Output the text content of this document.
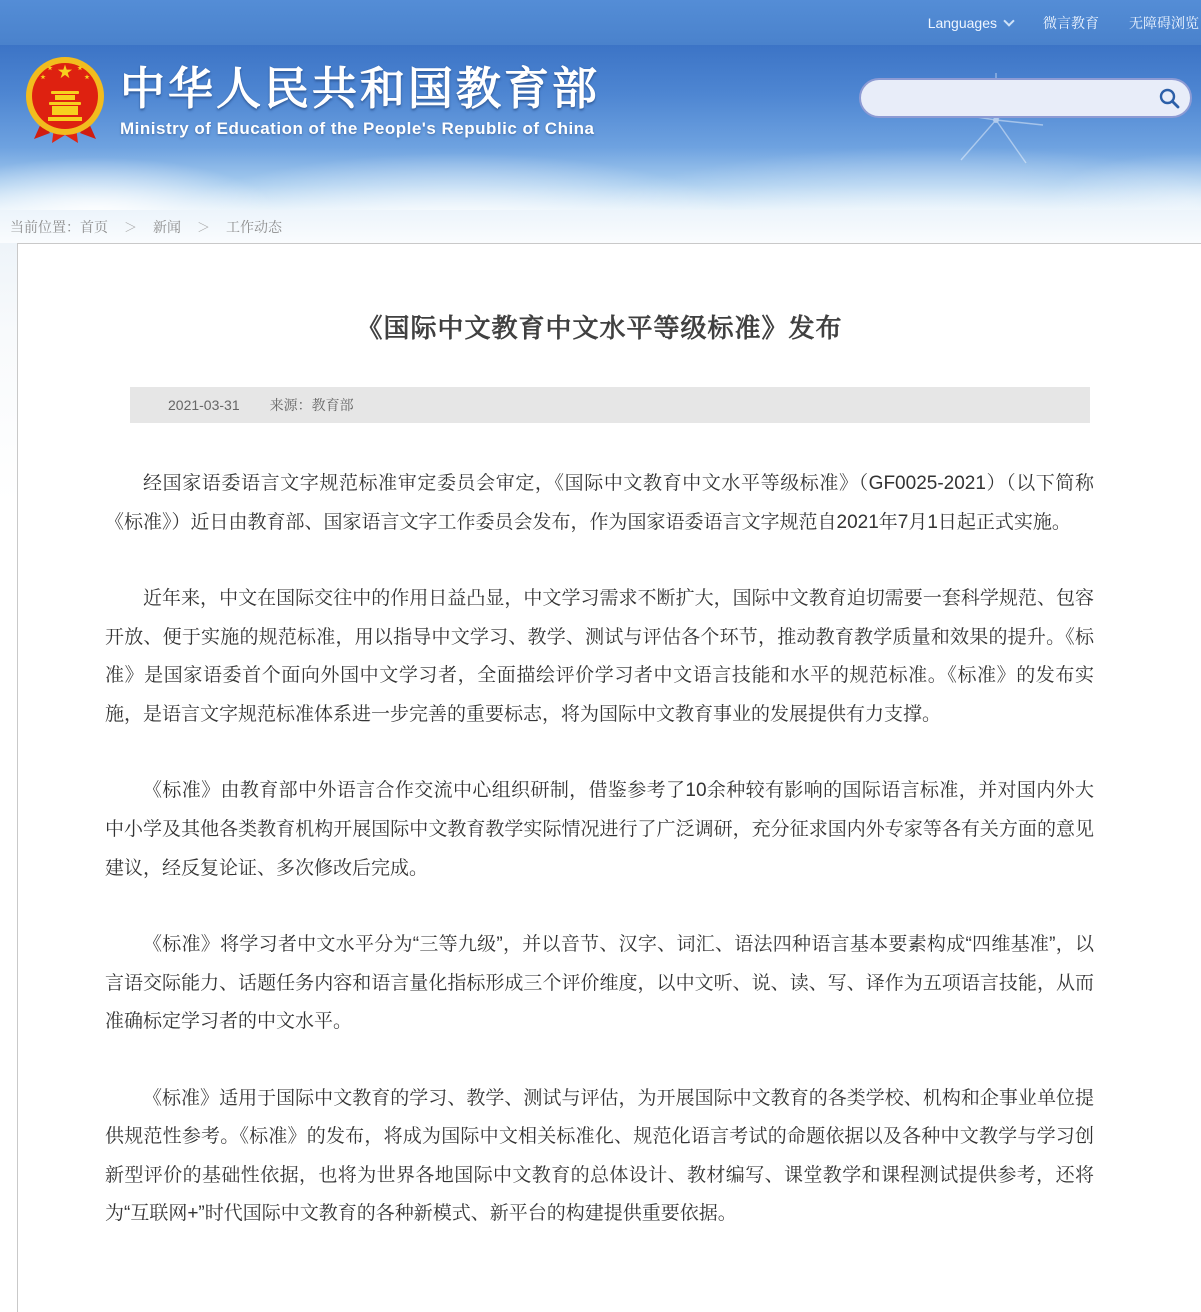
Languages	微言教育 无障碍浏览
中华人民共和国教育部
Ministry of Education of the People's Republic of China
当前位置： 首页 ＞ 新闻 ＞ 工作动态
《国际中文教育中文水平等级标准》发布
2021-03-31 来源：教育部

经国家语委语言文字规范标准审定委员会审定，《国际中文教育中文水平等级标准》（GF0025-2021）（以下简称《标准》）近日由教育部、国家语言文字工作委员会发布，作为国家语委语言文字规范自2021年7月1日起正式实施。

近年来，中文在国际交往中的作用日益凸显，中文学习需求不断扩大，国际中文教育迫切需要一套科学规范、包容开放、便于实施的规范标准，用以指导中文学习、教学、测试与评估各个环节，推动教育教学质量和效果的提升。《标准》是国家语委首个面向外国中文学习者，全面描绘评价学习者中文语言技能和水平的规范标准。《标准》的发布实施，是语言文字规范标准体系进一步完善的重要标志，将为国际中文教育事业的发展提供有力支撑。

《标准》由教育部中外语言合作交流中心组织研制，借鉴参考了10余种较有影响的国际语言标准，并对国内外大中小学及其他各类教育机构开展国际中文教育教学实际情况进行了广泛调研，充分征求国内外专家等各有关方面的意见建议，经反复论证、多次修改后完成。

《标准》将学习者中文水平分为“三等九级”，并以音节、汉字、词汇、语法四种语言基本要素构成“四维基准”，以言语交际能力、话题任务内容和语言量化指标形成三个评价维度，以中文听、说、读、写、译作为五项语言技能，从而准确标定学习者的中文水平。

《标准》适用于国际中文教育的学习、教学、测试与评估，为开展国际中文教育的各类学校、机构和企事业单位提供规范性参考。《标准》的发布，将成为国际中文相关标准化、规范化语言考试的命题依据以及各种中文教学与学习创新型评价的基础性依据，也将为世界各地国际中文教育的总体设计、教材编写、课堂教学和课程测试提供参考，还将为“互联网+”时代国际中文教育的各种新模式、新平台的构建提供重要依据。
